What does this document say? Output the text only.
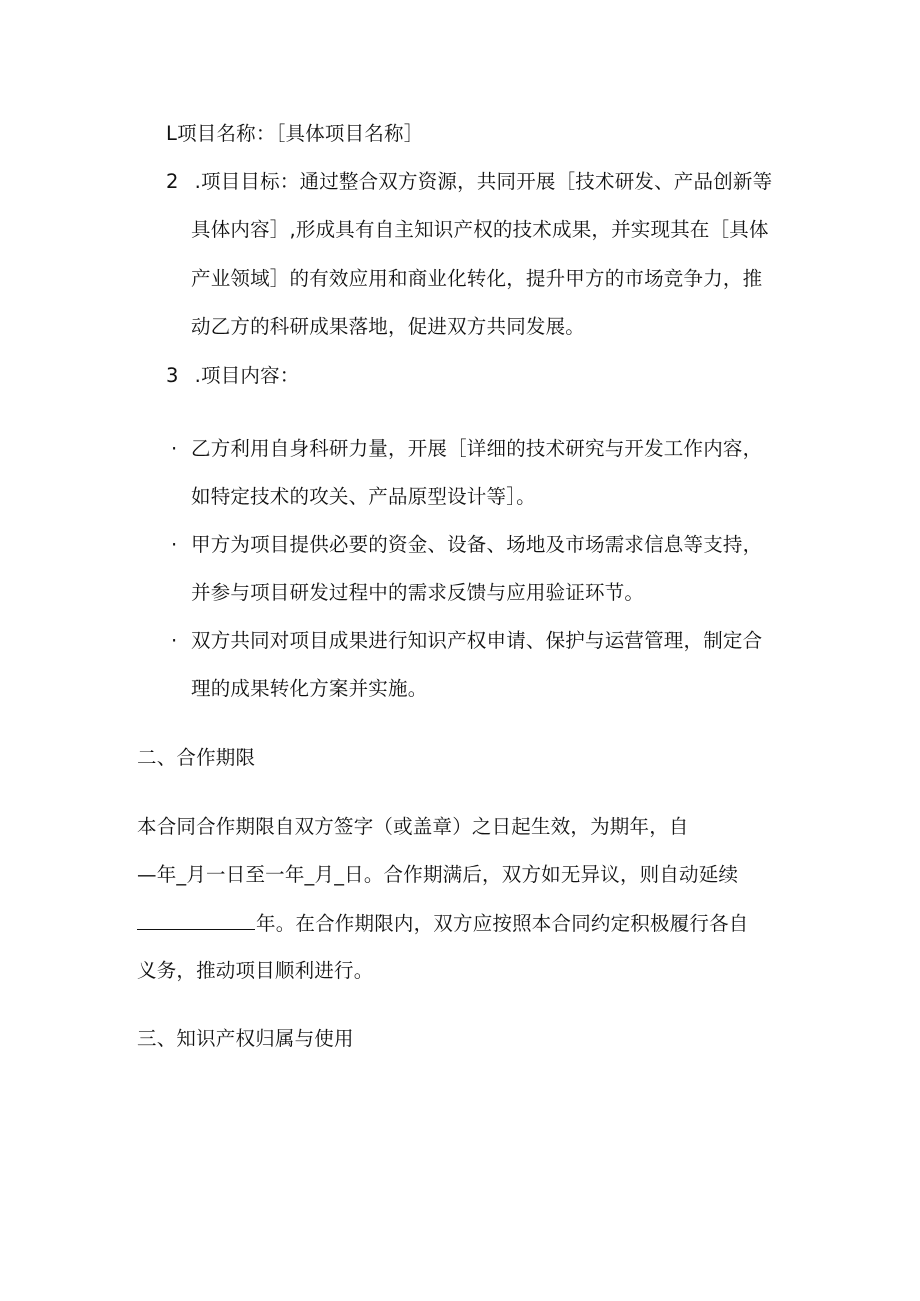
L项目名称：［具体项目名称］
2 .项目目标：通过整合双方资源，共同开展［技术研发、产品创新等
具体内容］,形成具有自主知识产权的技术成果，并实现其在［具体
产业领域］的有效应用和商业化转化，提升甲方的市场竞争力，推
动乙方的科研成果落地，促进双方共同发展。
3 .项目内容：
· 乙方利用自身科研力量，开展［详细的技术研究与开发工作内容，
如特定技术的攻关、产品原型设计等］。
· 甲方为项目提供必要的资金、设备、场地及市场需求信息等支持，
并参与项目研发过程中的需求反馈与应用验证环节。
· 双方共同对项目成果进行知识产权申请、保护与运营管理，制定合
理的成果转化方案并实施。
二、合作期限
本合同合作期限自双方签字（或盖章）之日起生效，为期年，自
—年_月一日至一年_月_日。合作期满后，双方如无异议，则自动延续
年。在合作期限内，双方应按照本合同约定积极履行各自
义务，推动项目顺利进行。
三、知识产权归属与使用
